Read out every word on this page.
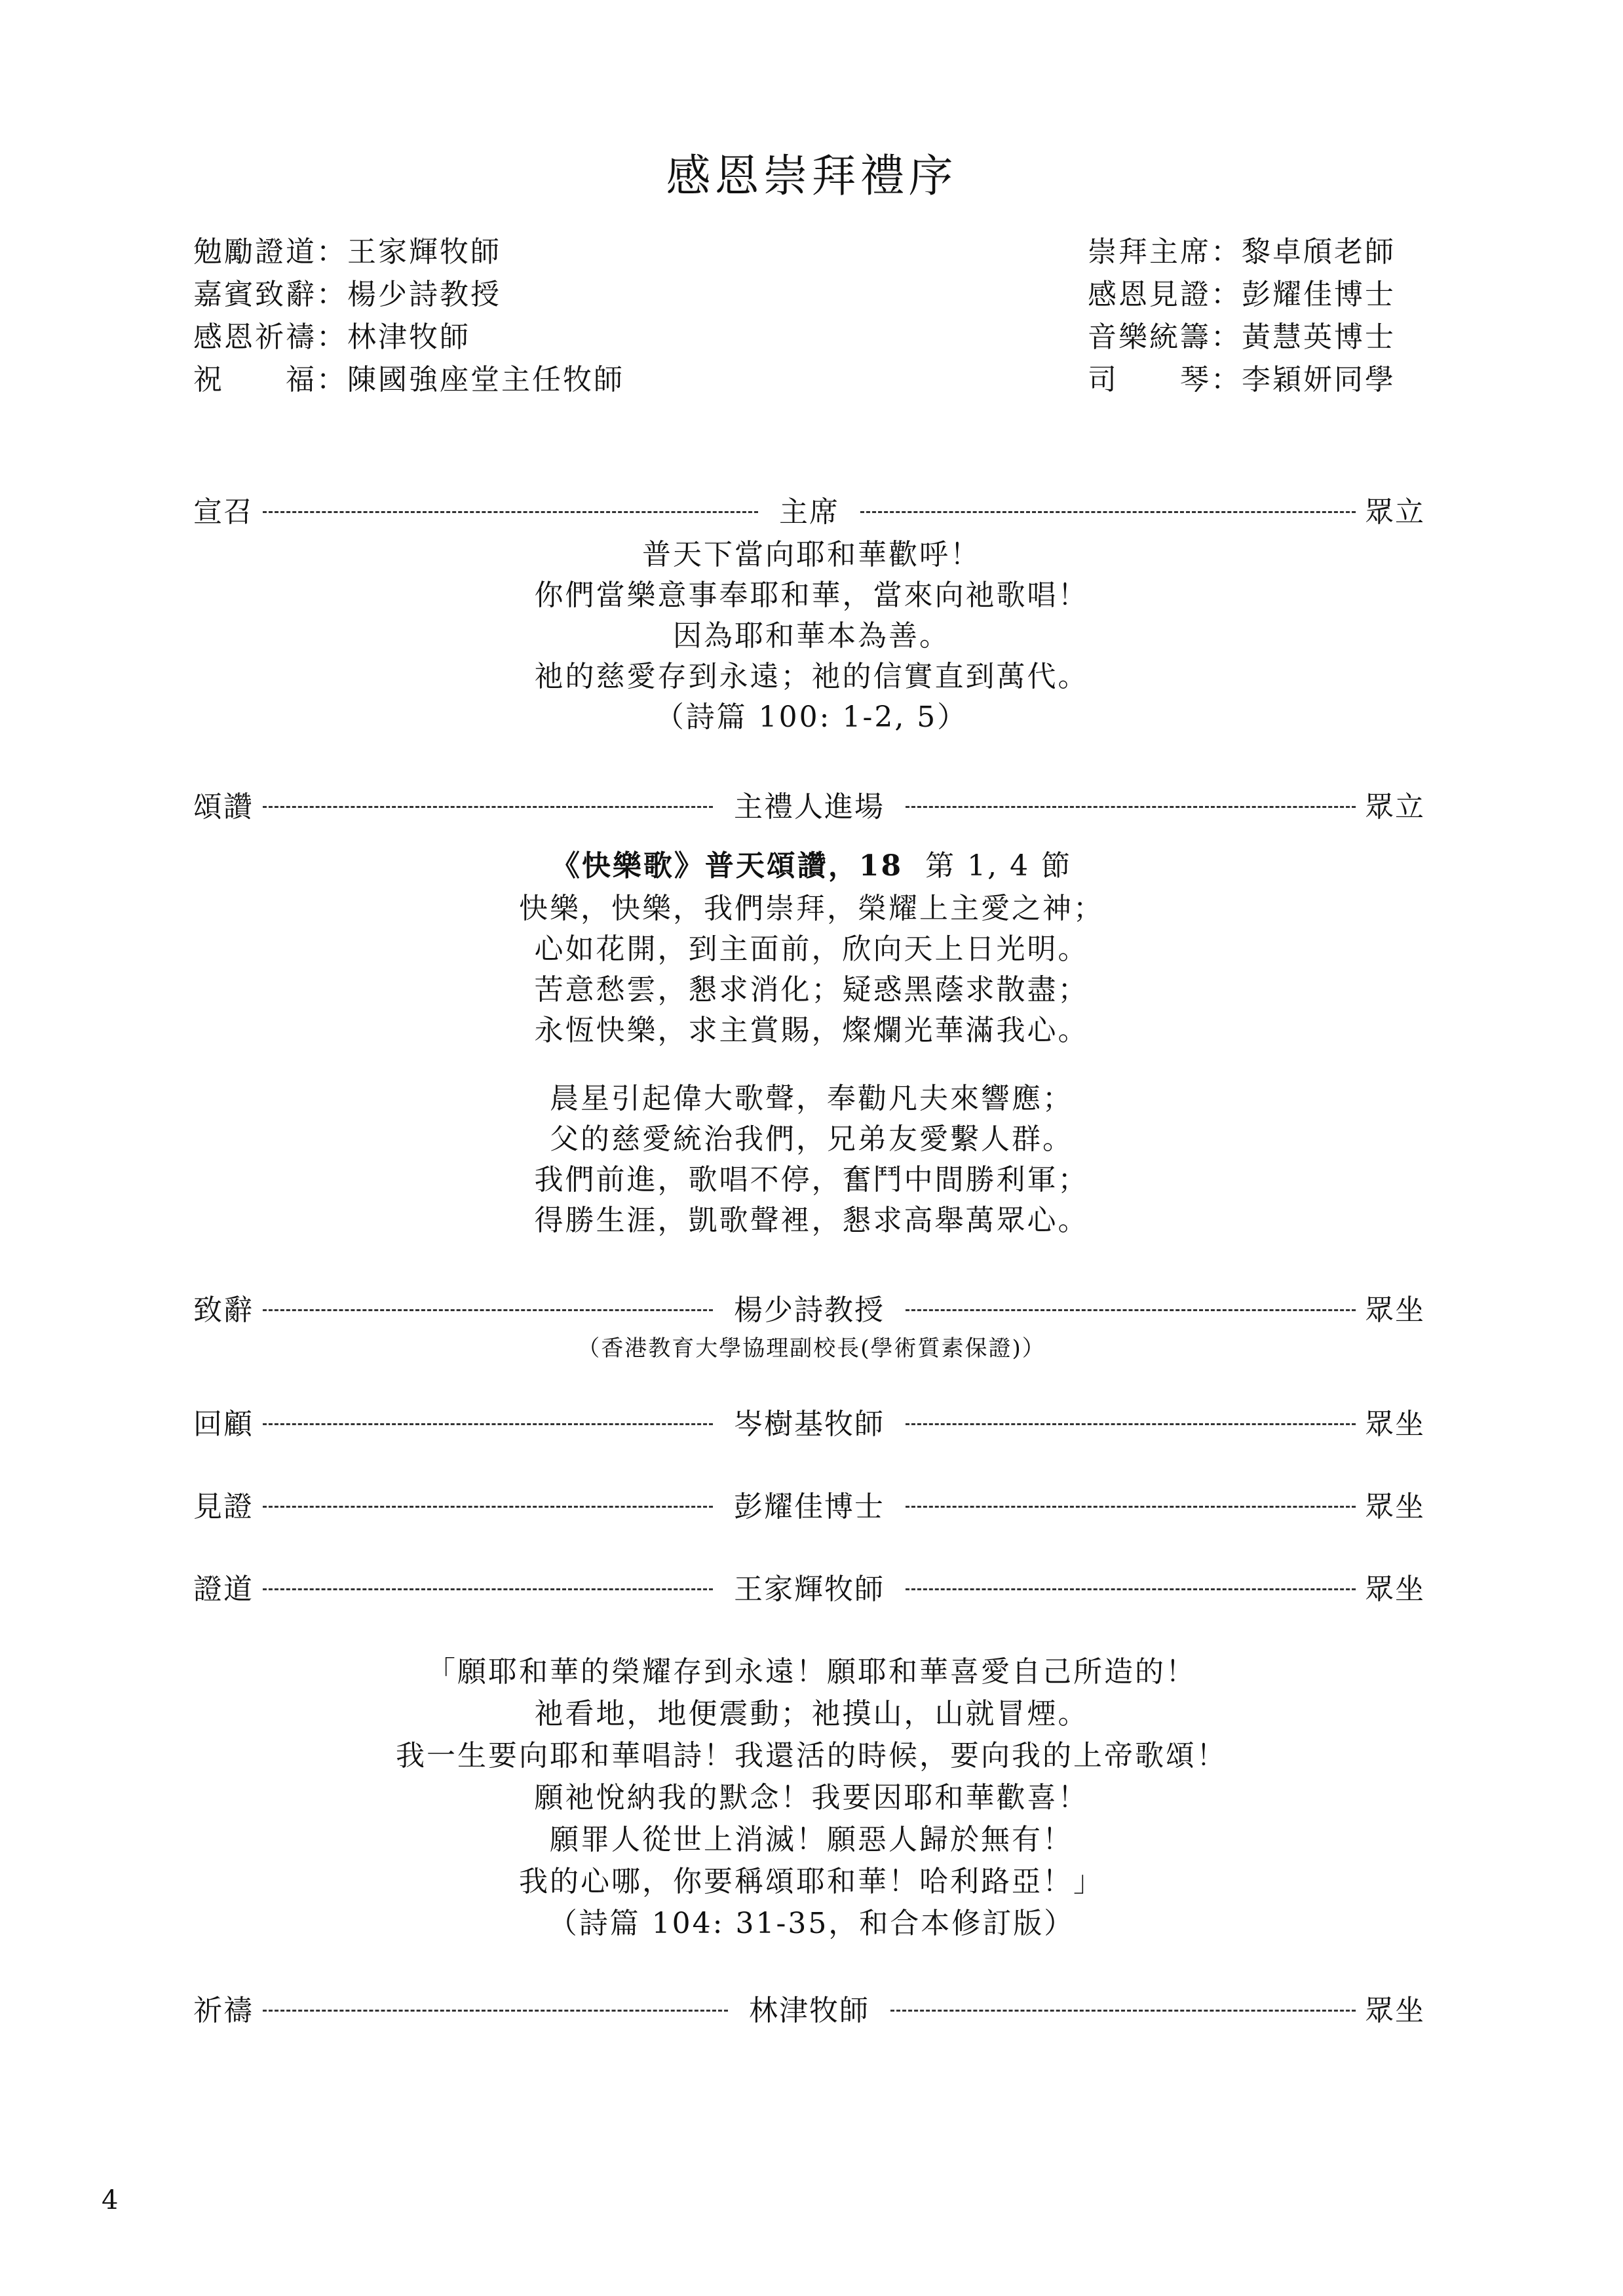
感恩崇拜禮序
勉勵證道：王家輝牧師
嘉賓致辭：楊少詩教授
感恩祈禱：林津牧師
祝　　福：陳國強座堂主任牧師
崇拜主席：黎卓頎老師
感恩見證：彭耀佳博士
音樂統籌：黃慧英博士
司　　琴：李穎妍同學
宣召	主席	眾立
普天下當向耶和華歡呼！
你們當樂意事奉耶和華，當來向祂歌唱！
因為耶和華本為善。
祂的慈愛存到永遠；祂的信實直到萬代。
（詩篇 100: 1-2, 5）
頌讚	主禮人進場	眾立
《快樂歌》普天頌讚，18 第 1, 4 節
快樂，快樂，我們崇拜，榮耀上主愛之神；
心如花開，到主面前，欣向天上日光明。
苦意愁雲，懇求消化；疑惑黑蔭求散盡；
永恆快樂，求主賞賜，燦爛光華滿我心。
晨星引起偉大歌聲，奉勸凡夫來響應；
父的慈愛統治我們，兄弟友愛繫人群。
我們前進，歌唱不停，奮鬥中間勝利軍；
得勝生涯，凱歌聲裡，懇求高舉萬眾心。
致辭	楊少詩教授	眾坐
（香港教育大學協理副校長(學術質素保證)）
回顧	岑樹基牧師	眾坐
見證	彭耀佳博士	眾坐
證道	王家輝牧師	眾坐
「願耶和華的榮耀存到永遠！願耶和華喜愛自己所造的！
祂看地，地便震動；祂摸山，山就冒煙。
我一生要向耶和華唱詩！我還活的時候，要向我的上帝歌頌！
願祂悅納我的默念！我要因耶和華歡喜！
願罪人從世上消滅！願惡人歸於無有！
我的心哪，你要稱頌耶和華！哈利路亞！」
（詩篇 104: 31-35，和合本修訂版）
祈禱	林津牧師	眾坐
4
